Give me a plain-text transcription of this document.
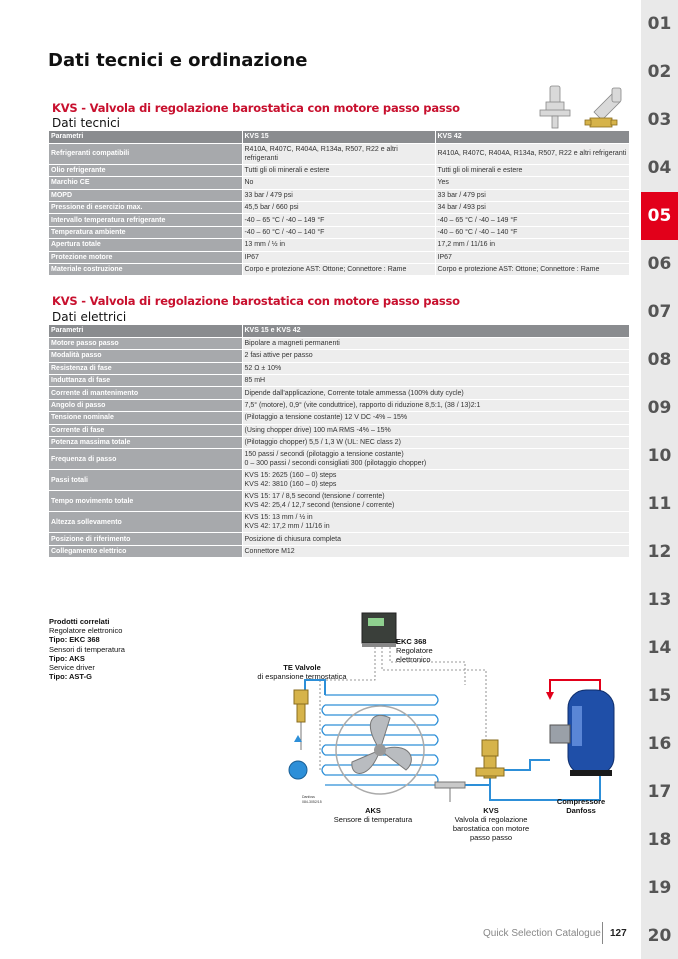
01
02
03
04
05
06
07
08
09
10
11
12
13
14
15
16
17
18
19
20
Dati tecnici e ordinazione
KVS - Valvola di regolazione barostatica con motore passo passo
Dati tecnici
Parametri	KVS 15	KVS 42
Refrigeranti compatibili	R410A, R407C, R404A, R134a, R507, R22 e altri refrigeranti	R410A, R407C, R404A, R134a, R507, R22 e altri refrigeranti
Olio refrigerante	Tutti gli oli minerali e estere	Tutti gli oli minerali e estere
Marchio CE	No	Yes
MOPD	33 bar / 479 psi	33 bar / 479 psi
Pressione di esercizio max.	45,5 bar / 660 psi	34 bar / 493 psi
Intervallo temperatura refrigerante	-40 – 65 °C / -40 – 149 °F	-40 – 65 °C / -40 – 149 °F
Temperatura ambiente	-40 – 60 °C / -40 – 140 °F	-40 – 60 °C / -40 – 140 °F
Apertura totale	13 mm / ½ in	17,2 mm / 11/16 in
Protezione motore	IP67	IP67
Materiale costruzione	Corpo e protezione AST: Ottone; Connettore : Rame	Corpo e protezione AST: Ottone; Connettore : Rame
KVS - Valvola di regolazione barostatica con motore passo passo
Dati elettrici
Parametri	KVS 15 e KVS 42
Motore passo passo	Bipolare a magneti permanenti
Modalità passo	2 fasi attive per passo
Resistenza di fase	52 Ω ± 10%
Induttanza di fase	85 mH
Corrente di mantenimento	Dipende dall'applicazione, Corrente totale ammessa (100% duty cycle)
Angolo di passo	7,5° (motore), 0,9° (vite conduttrice), rapporto di riduzione 8,5:1, (38 / 13)2:1
Tensione nominale	(Pilotaggio a tensione costante) 12 V DC -4% – 15%
Corrente di fase	(Using chopper drive) 100 mA RMS -4% – 15%
Potenza massima totale	(Pilotaggio chopper) 5,5 / 1,3 W (UL: NEC class 2)
Frequenza di passo	150 passi / secondi (pilotaggio a tensione costante)
0 – 300 passi / secondi consigliati 300 (pilotaggio chopper)

Passi totali	KVS 15: 2625 (160 – 0) steps
KVS 42: 3810 (160 – 0) steps

Tempo movimento totale	KVS 15: 17 / 8,5 second (tensione / corrente)
KVS 42: 25,4 / 12,7 second (tensione / corrente)

Altezza sollevamento	KVS 15: 13 mm / ½ in
KVS 42: 17,2 mm / 11/16 in

Posizione di riferimento	Posizione di chiusura completa
Collegamento elettrico	Connettore M12
Prodotti correlati
Regolatore elettronico
Tipo: EKC 368
Sensori di temperatura
Tipo: AKS
Service driver
Tipo: AST-G
Danfoss
084-3052/15
EKC 368
Regolatore elettronico
TE Valvole
di espansione termostatica
AKS
Sensore di temperatura
KVS
Valvola di regolazione barostatica con motore passo passo
Compressore
Danfoss
Quick Selection Catalogue 127
